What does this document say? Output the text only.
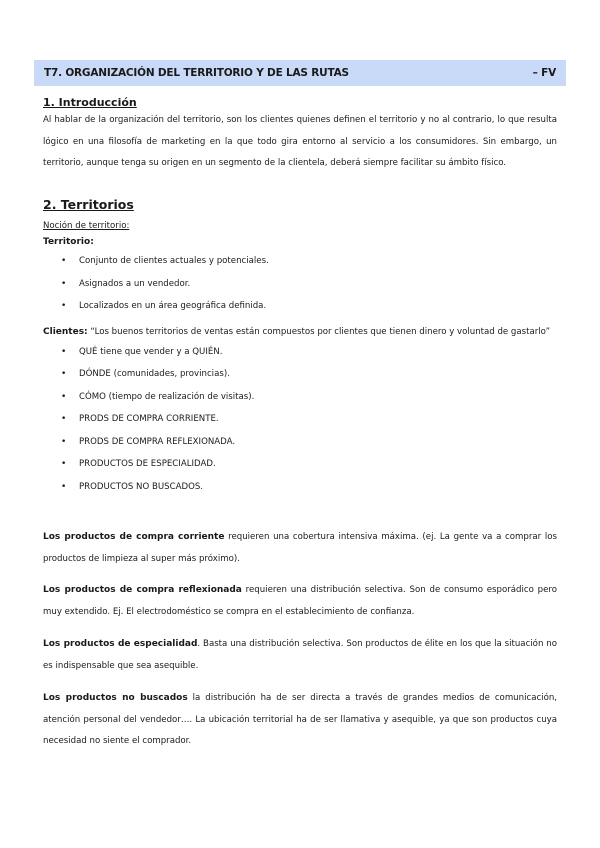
T7. ORGANIZACIÓN DEL TERRITORIO Y DE LAS RUTAS	– FV
1. Introducción
Al hablar de la organización del territorio, son los clientes quienes definen el territorio y no al contrario, lo que resulta lógico en una filosofía de marketing en la que todo gira entorno al servicio a los consumidores. Sin embargo, un territorio, aunque tenga su origen en un segmento de la clientela, deberá siempre facilitar su ámbito físico.
2. Territorios
Noción de territorio:
Territorio:
• Conjunto de clientes actuales y potenciales.
• Asignados a un vendedor.
• Localizados en un área geográfica definida.
Clientes: “Los buenos territorios de ventas están compuestos por clientes que tienen dinero y voluntad de gastarlo”
• QUÉ tiene que vender y a QUIÉN.
• DÓNDE (comunidades, provincias).
• CÓMO (tiempo de realización de visitas).
• PRODS DE COMPRA CORRIENTE.
• PRODS DE COMPRA REFLEXIONADA.
• PRODUCTOS DE ESPECIALIDAD.
• PRODUCTOS NO BUSCADOS.
Los productos de compra corriente requieren una cobertura intensiva máxima. (ej. La gente va a comprar los productos de limpieza al super más próximo).
Los productos de compra reflexionada requieren una distribución selectiva. Son de consumo esporádico pero muy extendido. Ej. El electrodoméstico se compra en el establecimiento de confianza.
Los productos de especialidad. Basta una distribución selectiva. Son productos de élite en los que la situación no es indispensable que sea asequible.
Los productos no buscados la distribución ha de ser directa a través de grandes medios de comunicación, atención personal del vendedor…. La ubicación territorial ha de ser llamativa y asequible, ya que son productos cuya necesidad no siente el comprador.
